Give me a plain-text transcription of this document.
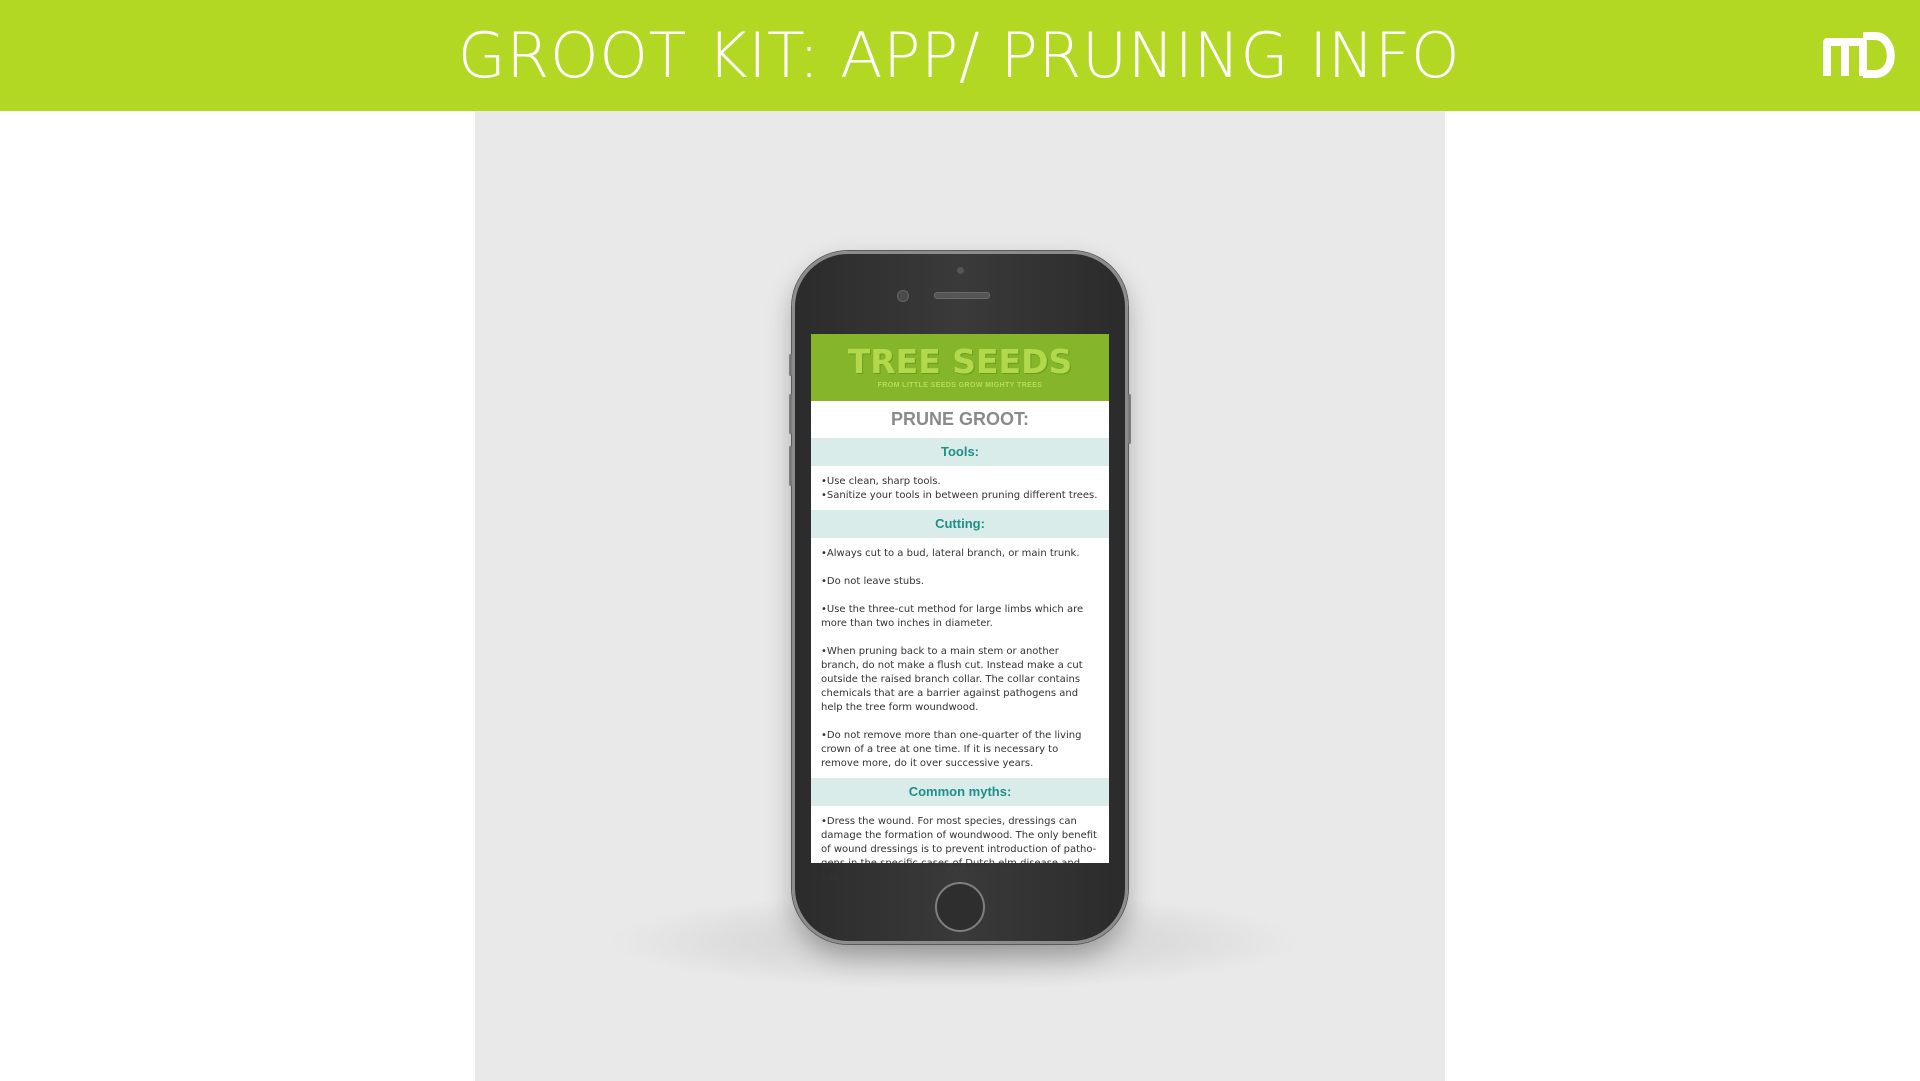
GROOT KIT: APP/ PRUNING INFO
TREE SEEDS
FROM LITTLE SEEDS GROW MIGHTY TREES
PRUNE GROOT:
Tools:

•Use clean, sharp tools.

•Sanitize your tools in between pruning different trees.

Cutting:

•Always cut to a bud, lateral branch, or main trunk.

•Do not leave stubs.

•Use the three-cut method for large limbs which are more than two inches in diameter.

•When pruning back to a main stem or another branch, do not make a flush cut. Instead make a cut outside the raised branch collar. The collar contains chemicals that are a barrier against pathogens and help the tree form woundwood.

•Do not remove more than one-quarter of the living crown of a tree at one time. If it is necessary to remove more, do it over successive years.

Common myths:

•Dress the wound. For most species, dressings can damage the formation of woundwood. The only benefit of wound dressings is to prevent introduction of patho- gens in the specific cases of Dutch elm disease and oak
